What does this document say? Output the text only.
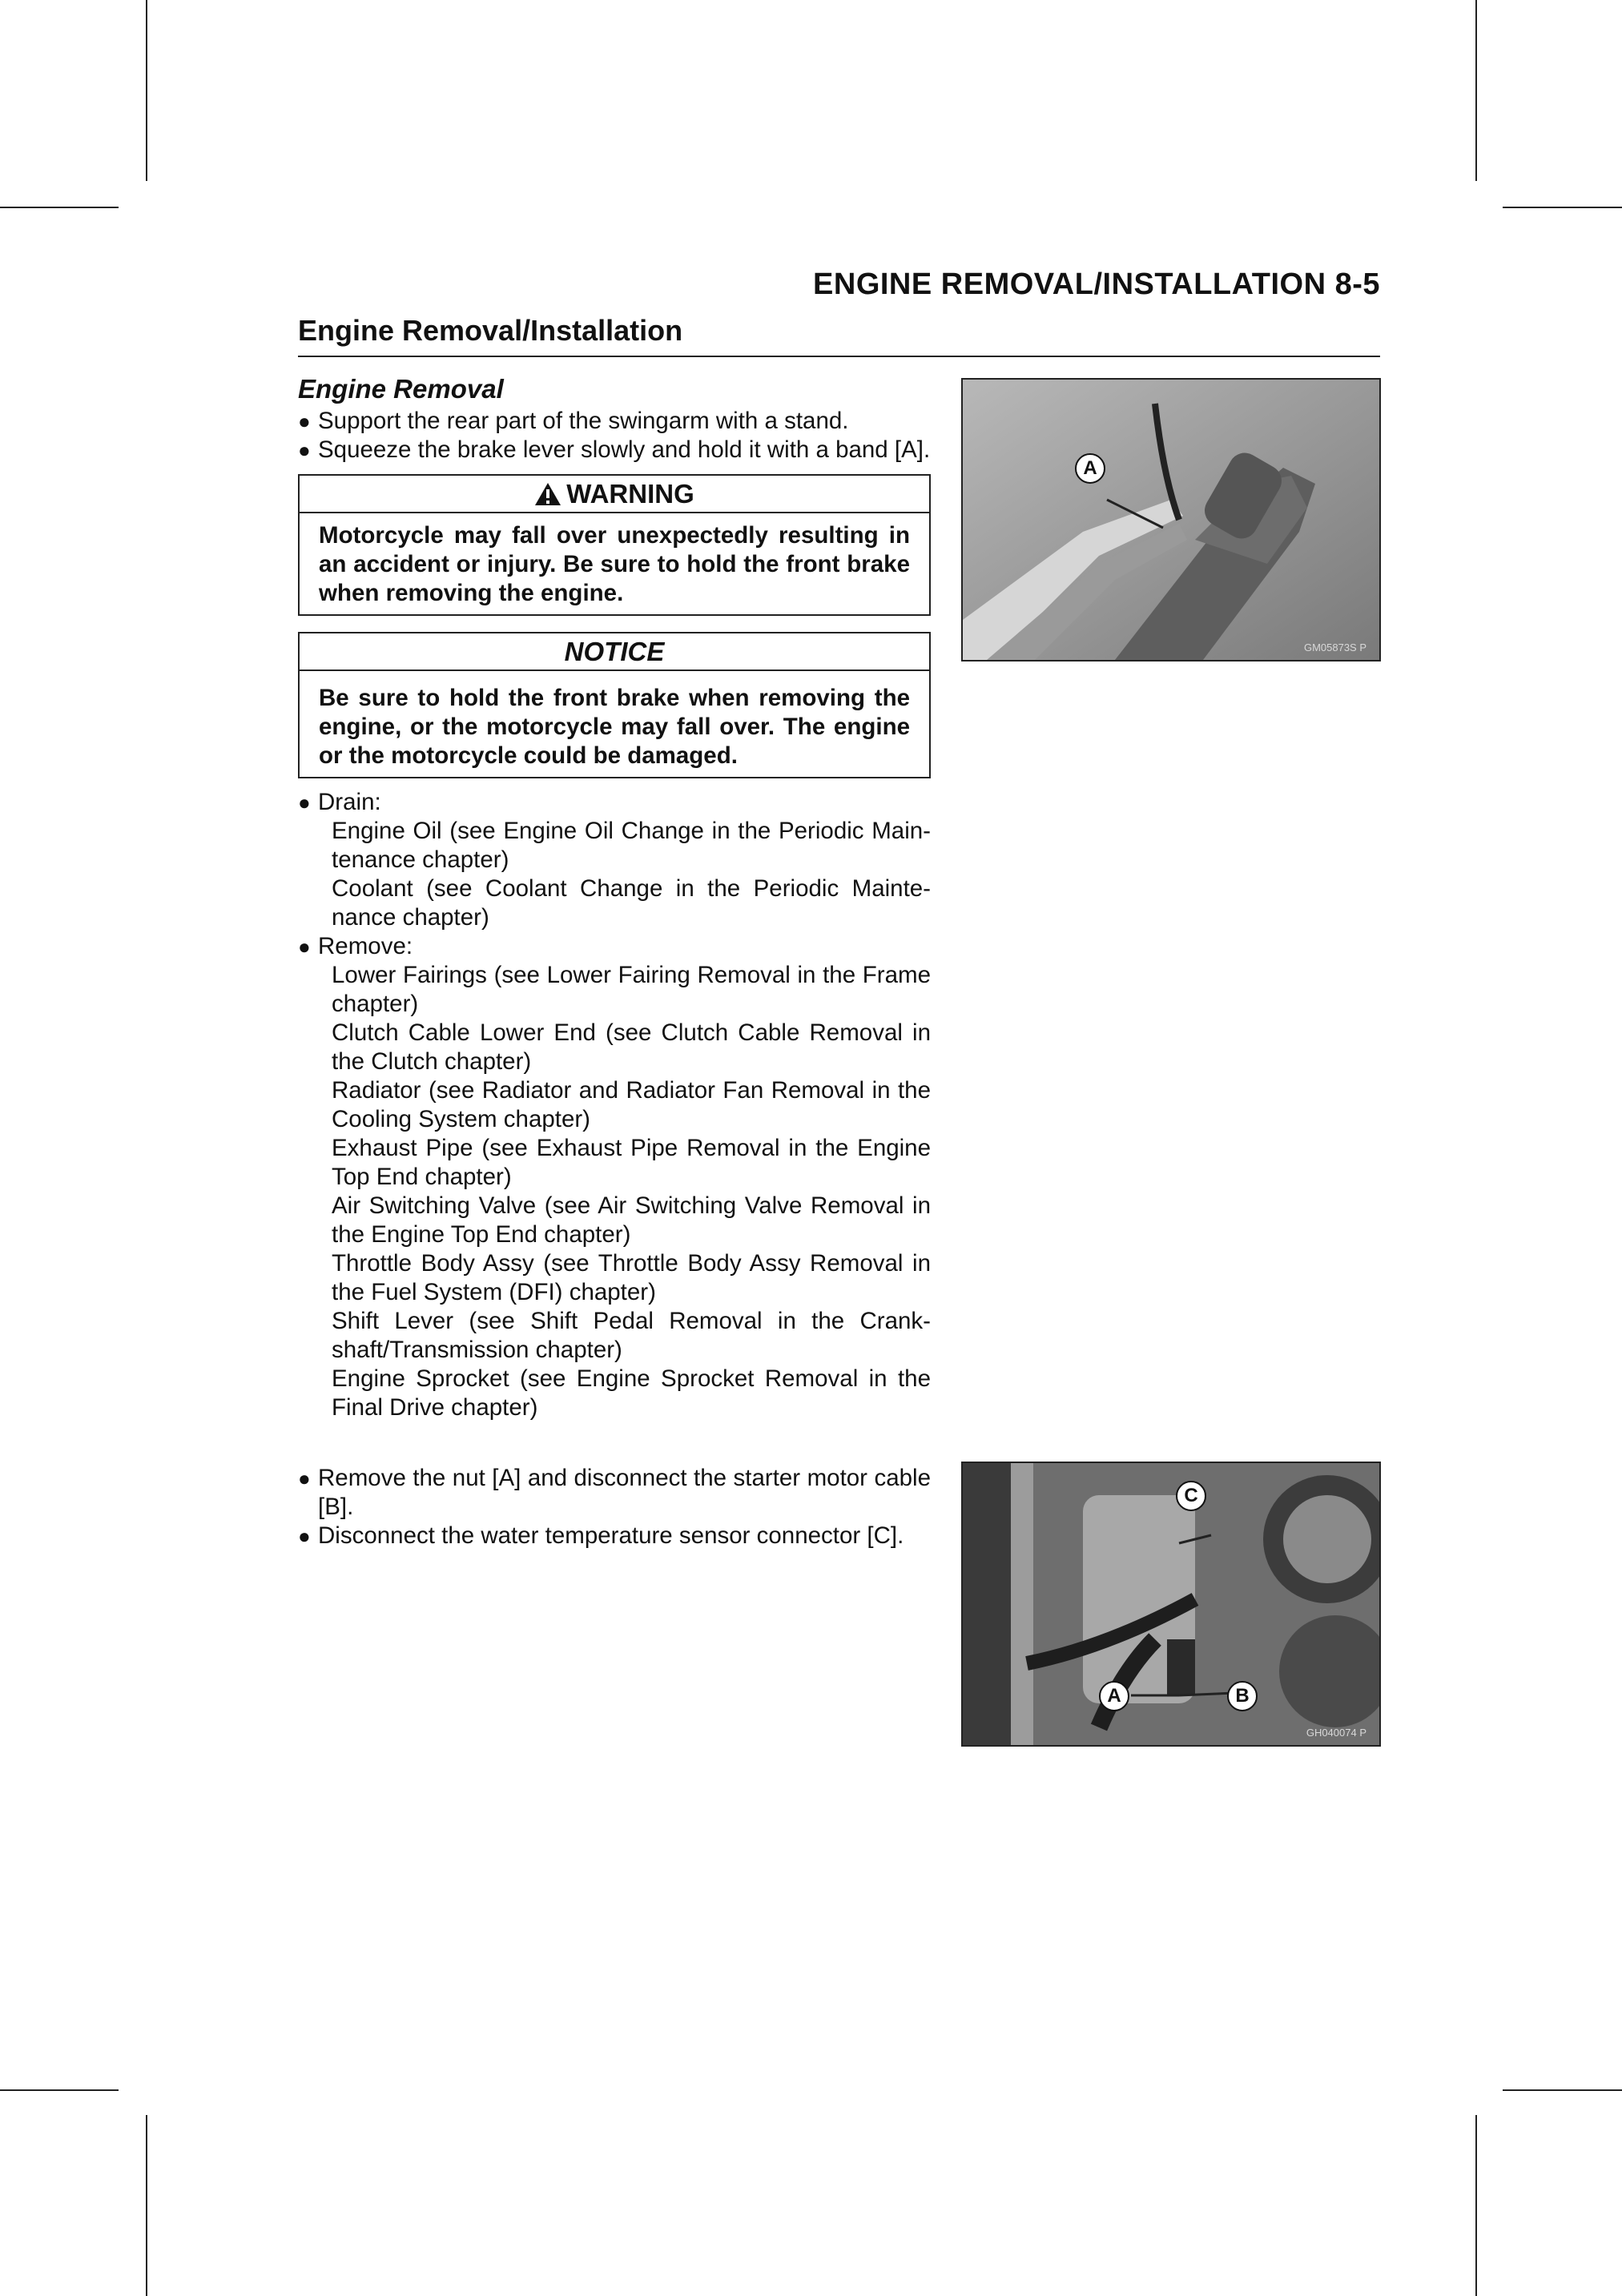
ENGINE REMOVAL/INSTALLATION 8-5
Engine Removal/Installation
Engine Removal
● Support the rear part of the swingarm with a stand.
● Squeeze the brake lever slowly and hold it with a band [A].
WARNING
Motorcycle may fall over unexpectedly resulting in an accident or injury. Be sure to hold the front brake when removing the engine.
NOTICE
Be sure to hold the front brake when removing the engine, or the motorcycle may fall over. The engine or the motorcycle could be damaged.
● Drain:
Engine Oil (see Engine Oil Change in the Periodic Main-tenance chapter)
Coolant (see Coolant Change in the Periodic Mainte-nance chapter)
● Remove:
Lower Fairings (see Lower Fairing Removal in the Frame chapter)
Clutch Cable Lower End (see Clutch Cable Removal in the Clutch chapter)
Radiator (see Radiator and Radiator Fan Removal in the Cooling System chapter)
Exhaust Pipe (see Exhaust Pipe Removal in the Engine Top End chapter)
Air Switching Valve (see Air Switching Valve Removal in the Engine Top End chapter)
Throttle Body Assy (see Throttle Body Assy Removal in the Fuel System (DFI) chapter)
Shift Lever (see Shift Pedal Removal in the Crank-shaft/Transmission chapter)
Engine Sprocket (see Engine Sprocket Removal in the Final Drive chapter)
● Remove the nut [A] and disconnect the starter motor cable [B].
● Disconnect the water temperature sensor connector [C].
A
GM05873S P
C
A	B
GH040074 P
